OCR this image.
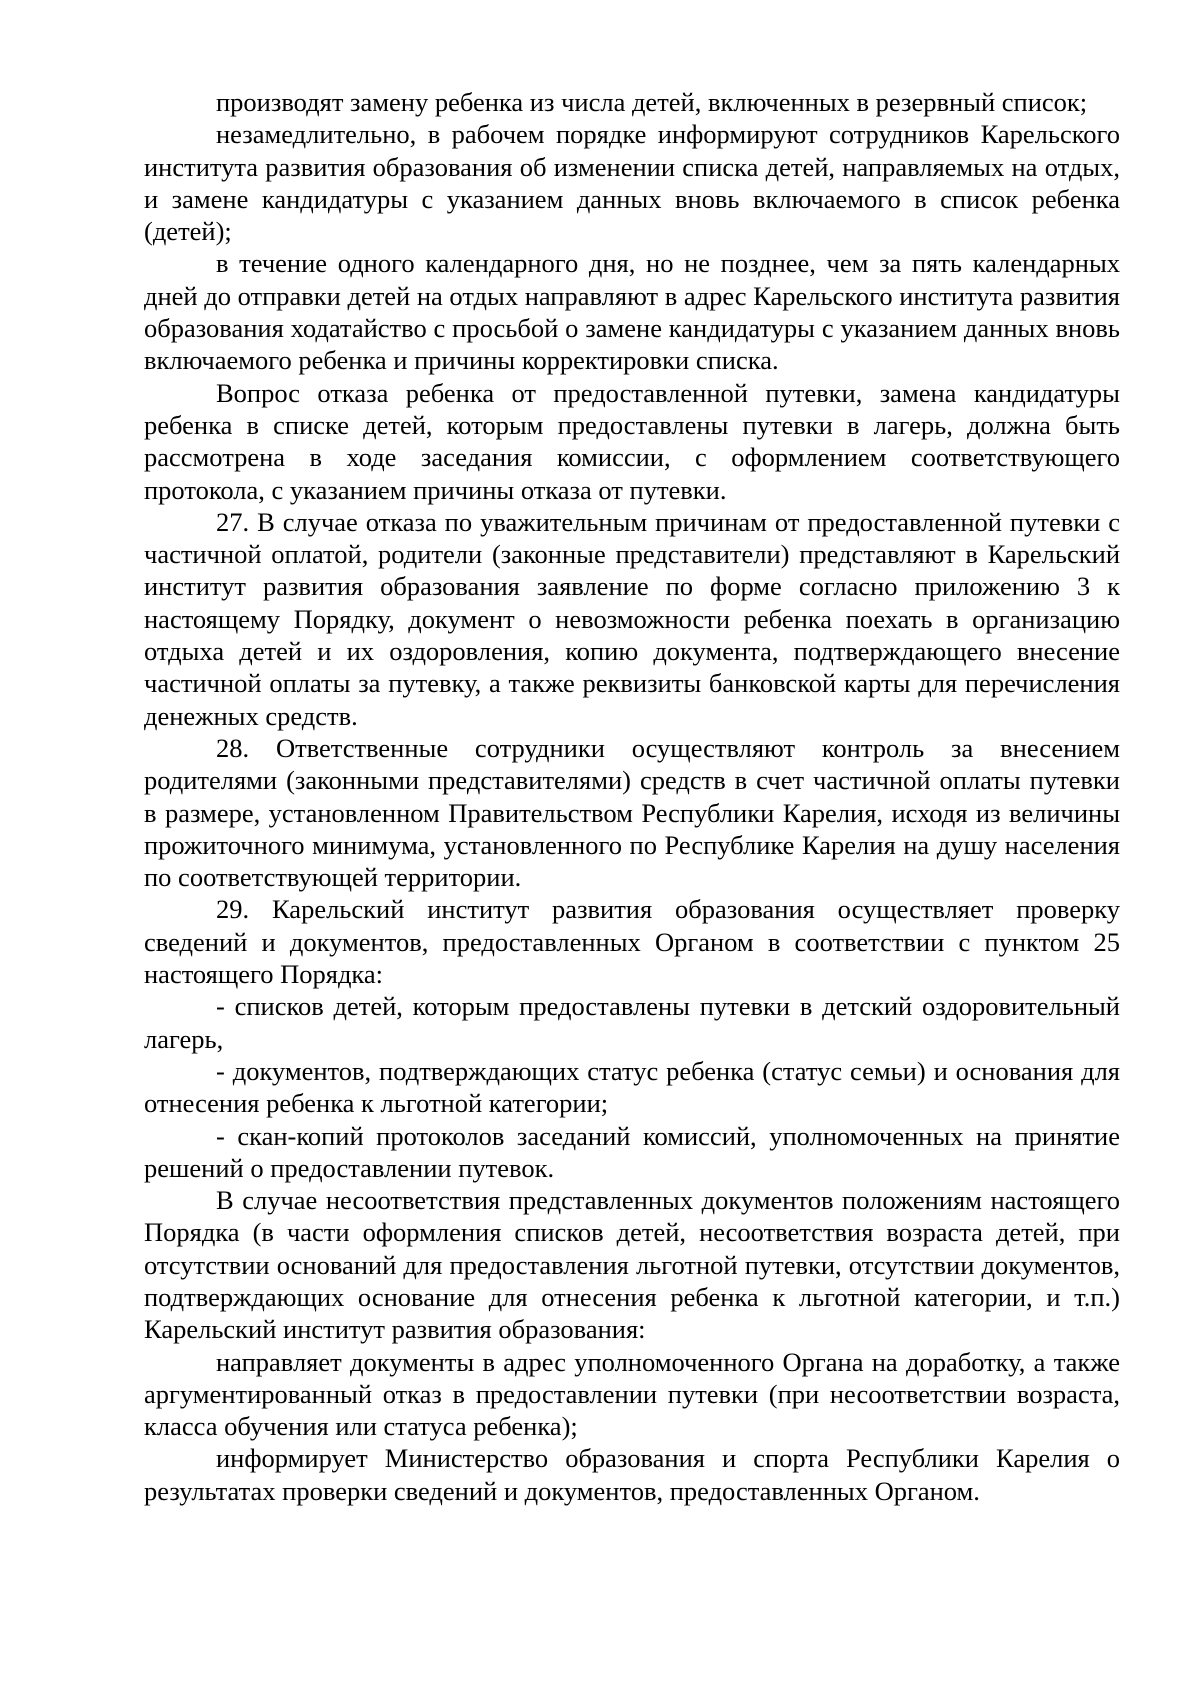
производят замену ребенка из числа детей, включенных в резервный список;

незамедлительно, в рабочем порядке информируют сотрудников Карельского института развития образования об изменении списка детей, направляемых на отдых, и замене кандидатуры с указанием данных вновь включаемого в список ребенка (детей);

в течение одного календарного дня, но не позднее, чем за пять календарных дней до отправки детей на отдых направляют в адрес Карельского института развития образования ходатайство с просьбой о замене кандидатуры с указанием данных вновь включаемого ребенка и причины корректировки списка.

Вопрос отказа ребенка от предоставленной путевки, замена кандидатуры ребенка в списке детей, которым предоставлены путевки в лагерь, должна быть рассмотрена в ходе заседания комиссии, с оформлением соответствующего протокола, с указанием причины отказа от путевки.

27. В случае отказа по уважительным причинам от предоставленной путевки с частичной оплатой, родители (законные представители) представляют в Карельский институт развития образования заявление по форме согласно приложению 3 к настоящему Порядку, документ о невозможности ребенка поехать в организацию отдыха детей и их оздоровления, копию документа, подтверждающего внесение частичной оплаты за путевку, а также реквизиты банковской карты для перечисления денежных средств.

28. Ответственные сотрудники осуществляют контроль за внесением родителями (законными представителями) средств в счет частичной оплаты путевки в размере, установленном Правительством Республики Карелия, исходя из величины прожиточного минимума, установленного по Республике Карелия на душу населения по соответствующей территории.

29. Карельский институт развития образования осуществляет проверку сведений и документов, предоставленных Органом в соответствии с пунктом 25 настоящего Порядка:

- списков детей, которым предоставлены путевки в детский оздоровительный лагерь,

- документов, подтверждающих статус ребенка (статус семьи) и основания для отнесения ребенка к льготной категории;

- скан-копий протоколов заседаний комиссий, уполномоченных на принятие решений о предоставлении путевок.

В случае несоответствия представленных документов положениям настоящего Порядка (в части оформления списков детей, несоответствия возраста детей, при отсутствии оснований для предоставления льготной путевки, отсутствии документов, подтверждающих основание для отнесения ребенка к льготной категории, и т.п.) Карельский институт развития образования:

направляет документы в адрес уполномоченного Органа на доработку, а также аргументированный отказ в предоставлении путевки (при несоответствии возраста, класса обучения или статуса ребенка);

информирует Министерство образования и спорта Республики Карелия о результатах проверки сведений и документов, предоставленных Органом.
